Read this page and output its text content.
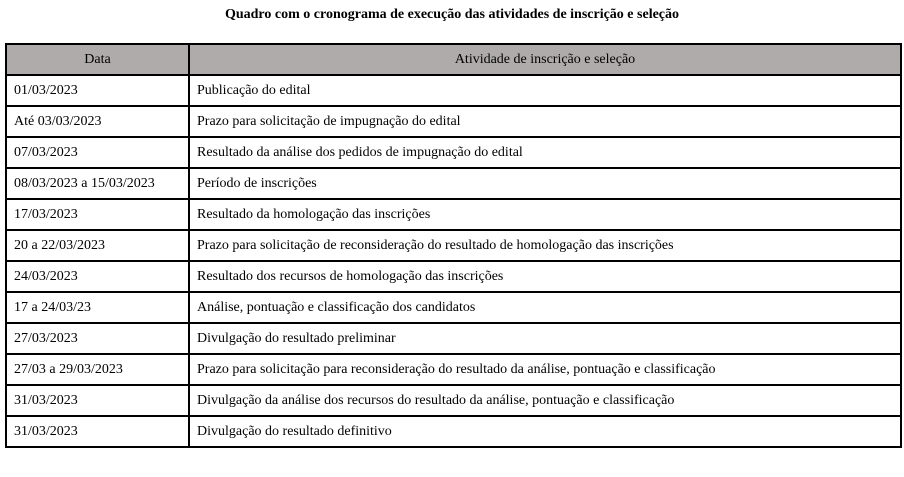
Quadro com o cronograma de execução das atividades de inscrição e seleção
Data	Atividade de inscrição e seleção
01/03/2023	Publicação do edital
Até 03/03/2023	Prazo para solicitação de impugnação do edital
07/03/2023	Resultado da análise dos pedidos de impugnação do edital
08/03/2023 a 15/03/2023	Período de inscrições
17/03/2023	Resultado da homologação das inscrições
20 a 22/03/2023	Prazo para solicitação de reconsideração do resultado de homologação das inscrições
24/03/2023	Resultado dos recursos de homologação das inscrições
17 a 24/03/23	Análise, pontuação e classificação dos candidatos
27/03/2023	Divulgação do resultado preliminar
27/03 a 29/03/2023	Prazo para solicitação para reconsideração do resultado da análise, pontuação e classificação
31/03/2023	Divulgação da análise dos recursos do resultado da análise, pontuação e classificação
31/03/2023	Divulgação do resultado definitivo
